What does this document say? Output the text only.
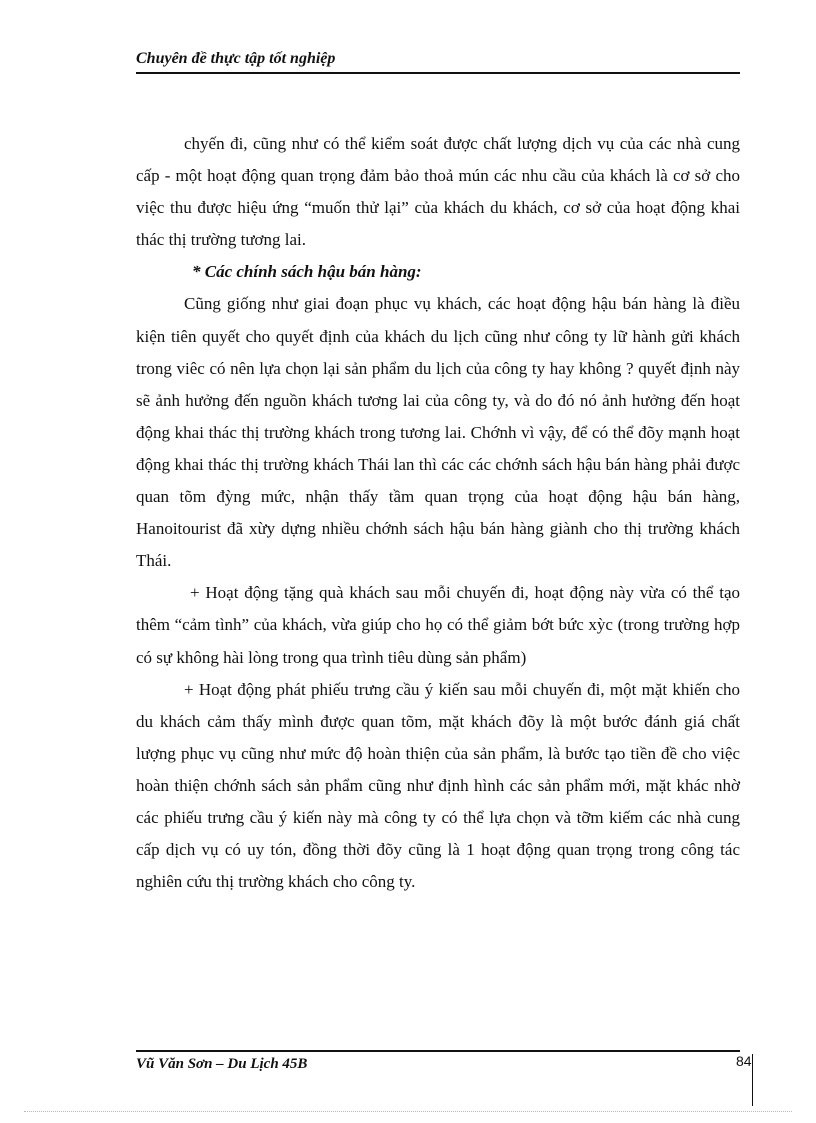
Chuyên đề thực tập tốt nghiệp

chyến đi, cũng như có thể kiểm soát được chất lượng dịch vụ của các nhà cung cấp - một hoạt động quan trọng đảm bảo thoả mún các nhu cầu của khách là cơ sở cho việc thu được hiệu ứng “muốn thử lại” của khách du khách, cơ sở của hoạt động khai thác thị trường tương lai.

* Các chính sách hậu bán hàng:

Cũng giống như giai đoạn phục vụ khách, các hoạt động hậu bán hàng là điều kiện tiên quyết cho quyết định của khách du lịch cũng như công ty lữ hành gửi khách trong viêc có nên lựa chọn lại sản phẩm du lịch của công ty hay không ? quyết định này sẽ ảnh hưởng đến nguồn khách tương lai của công ty, và do đó nó ảnh hưởng đến hoạt động khai thác thị trường khách trong tương lai. Chớnh vì vậy, để có thể đõy mạnh hoạt động khai thác thị trường khách Thái lan thì các các chớnh sách hậu bán hàng phải được quan tõm đỳng mức, nhận thấy tầm quan trọng của hoạt động hậu bán hàng, Hanoitourist đã xừy dựng nhiều chớnh sách hậu bán hàng giành cho thị trường khách Thái.

+ Hoạt động tặng quà khách sau mỗi chuyến đi, hoạt động này vừa có thể tạo thêm “cảm tình” của khách, vừa giúp cho họ có thể giảm bớt bức xỳc (trong trường hợp có sự không hài lòng trong qua trình tiêu dùng sản phẩm)

+ Hoạt động phát phiếu trưng cầu ý kiến sau mỗi chuyến đi, một mặt khiến cho du khách cảm thấy mình được quan tõm, mặt khách đõy là một bước đánh giá chất lượng phục vụ cũng như mức độ hoàn thiện của sản phẩm, là bước tạo tiền đề cho việc hoàn thiện chớnh sách sản phẩm cũng như định hình các sản phẩm mới, mặt khác nhờ các phiếu trưng cầu ý kiến này mà công ty có thể lựa chọn và tỡm kiếm các nhà cung cấp dịch vụ có uy tón, đồng thời đõy cũng là 1 hoạt động quan trọng trong công tác nghiên cứu thị trường khách cho công ty.

Vũ Văn Sơn – Du Lịch 45B	84
